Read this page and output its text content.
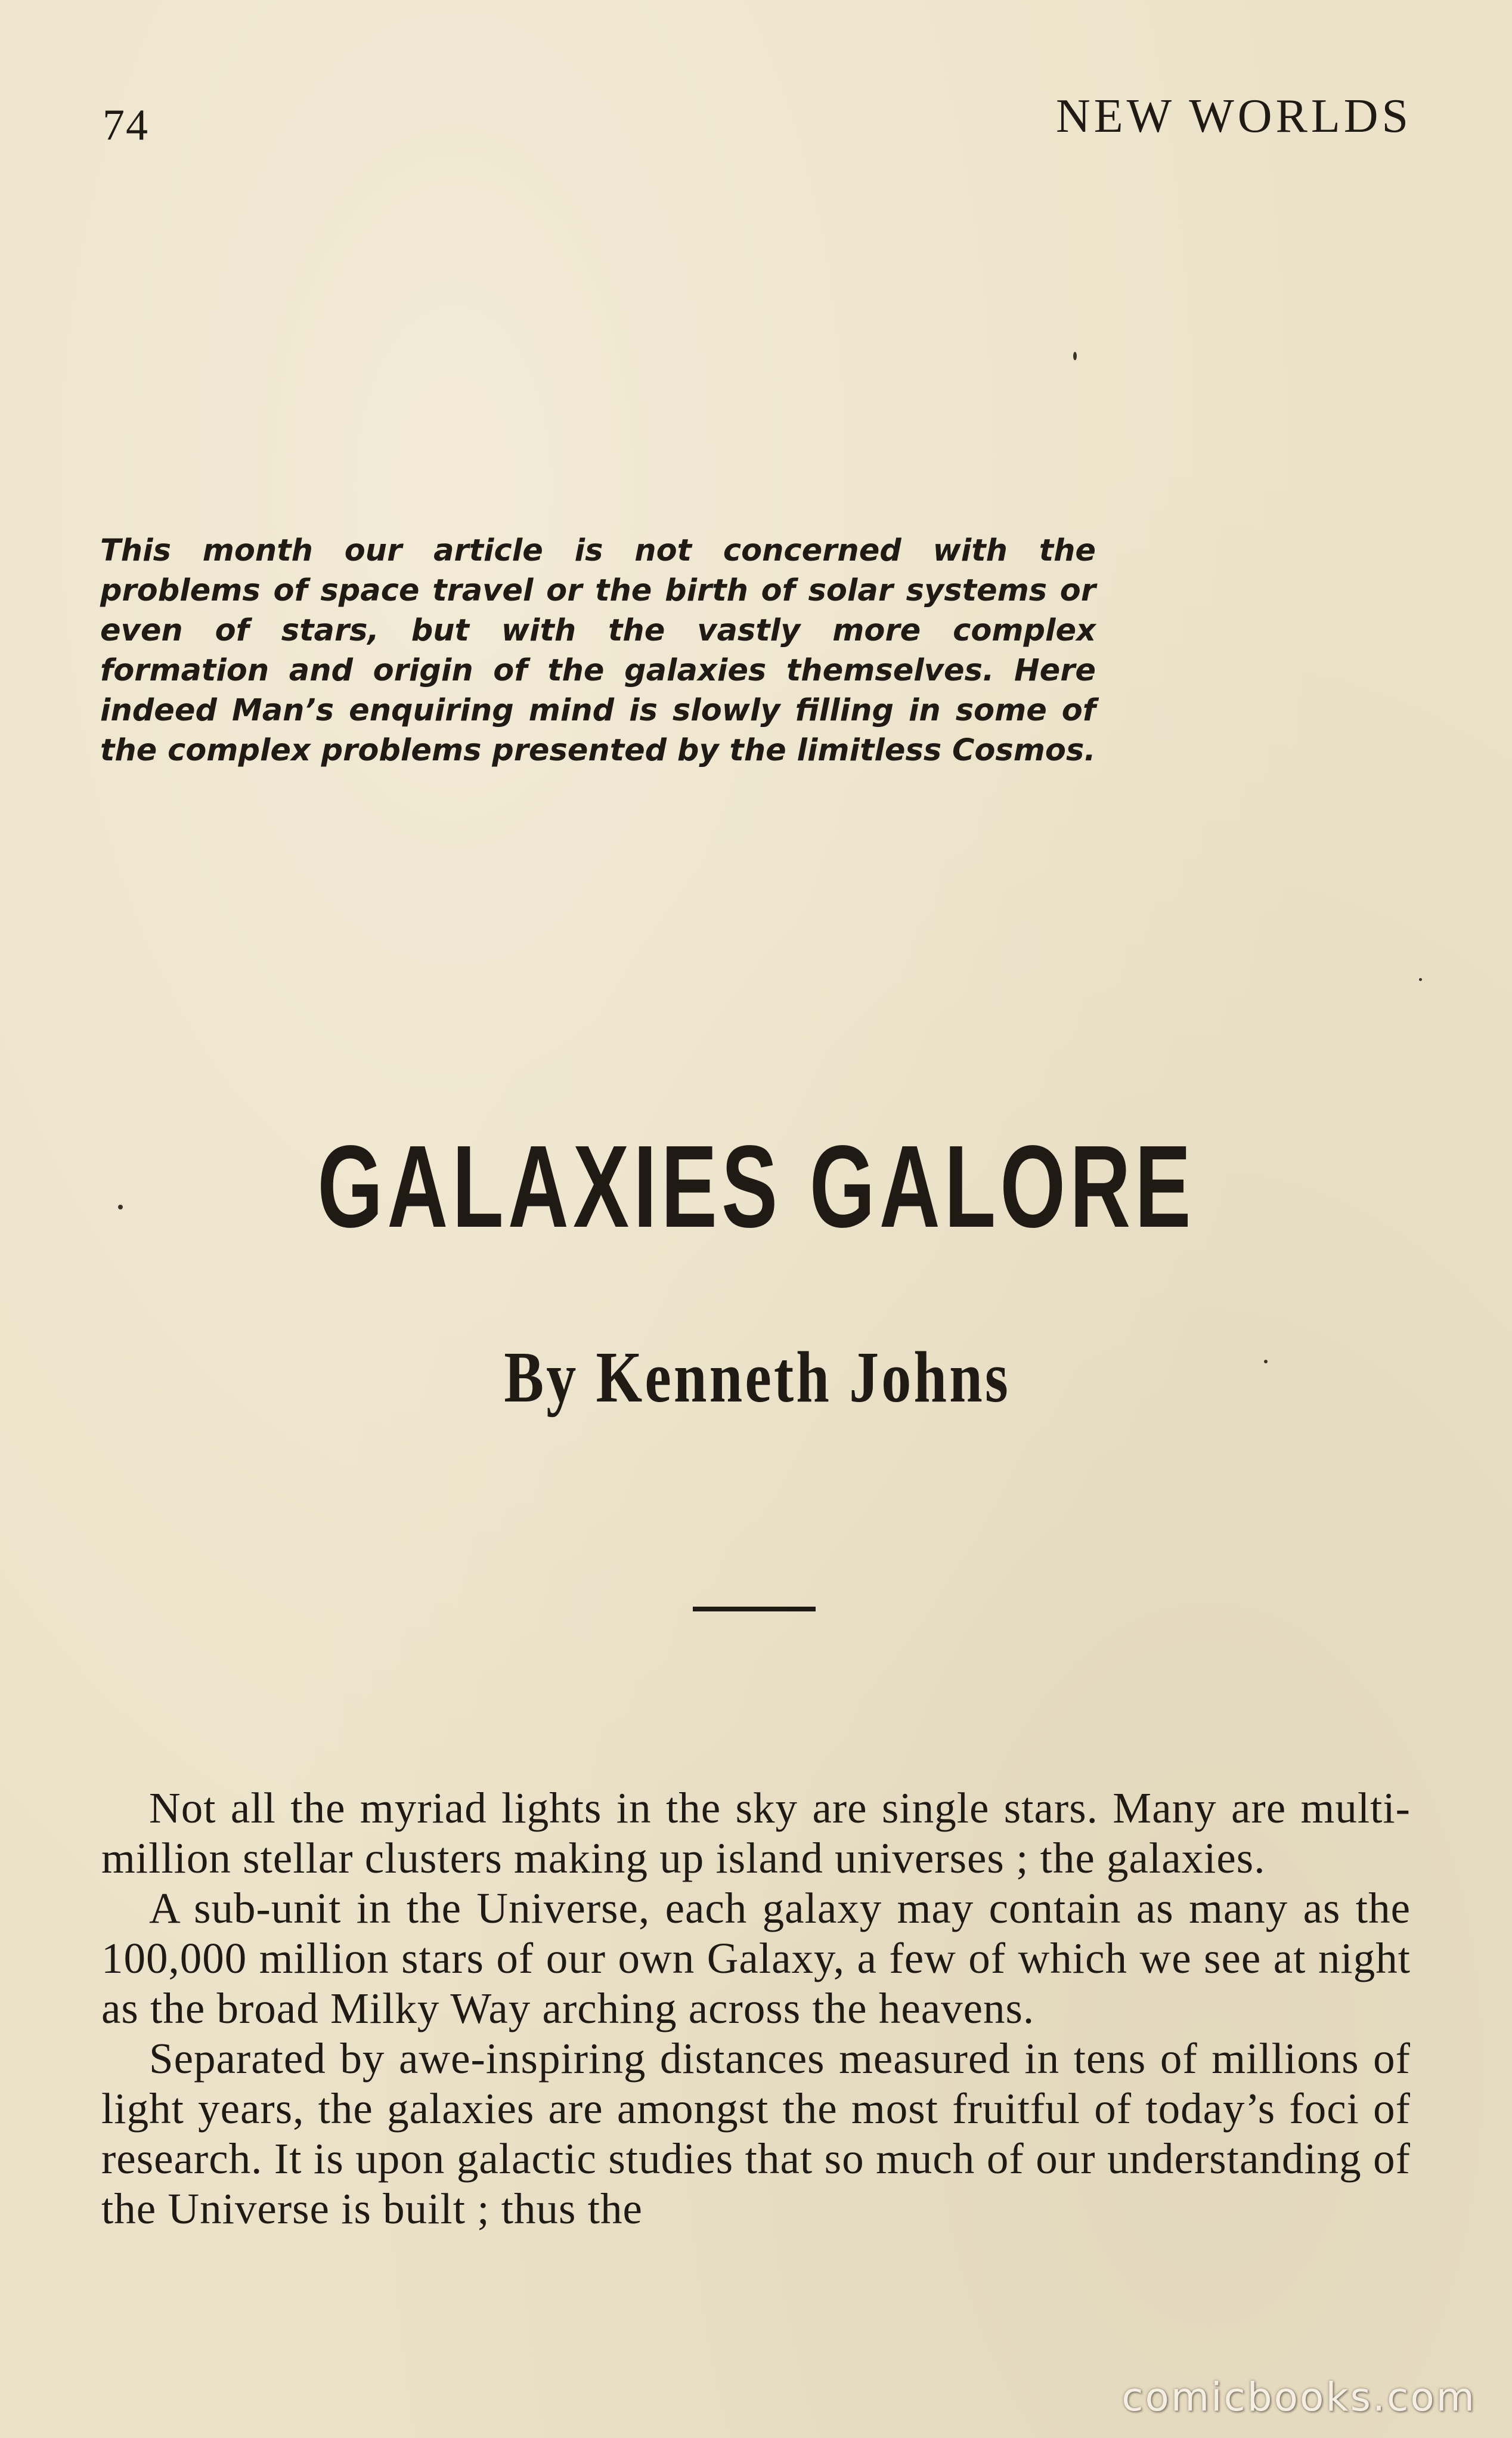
74	NEW WORLDS
This month our article is not concerned with the problems of space travel or the birth of solar systems or even of stars, but with the vastly more complex formation and origin of the galaxies themselves. Here indeed Man’s enquiring mind is slowly filling in some of the complex problems presented by the limitless Cosmos.
GALAXIES GALORE
By Kenneth Johns

Not all the myriad lights in the sky are single stars. Many are multi-million stellar clusters making up island universes ; the galaxies.

A sub-unit in the Universe, each galaxy may contain as many as the 100,000 million stars of our own Galaxy, a few of which we see at night as the broad Milky Way arching across the heavens.

Separated by awe-inspiring distances measured in tens of millions of light years, the galaxies are amongst the most fruitful of today’s foci of research. It is upon galactic studies that so much of our understanding of the Universe is built ; thus the

comicbooks.com
